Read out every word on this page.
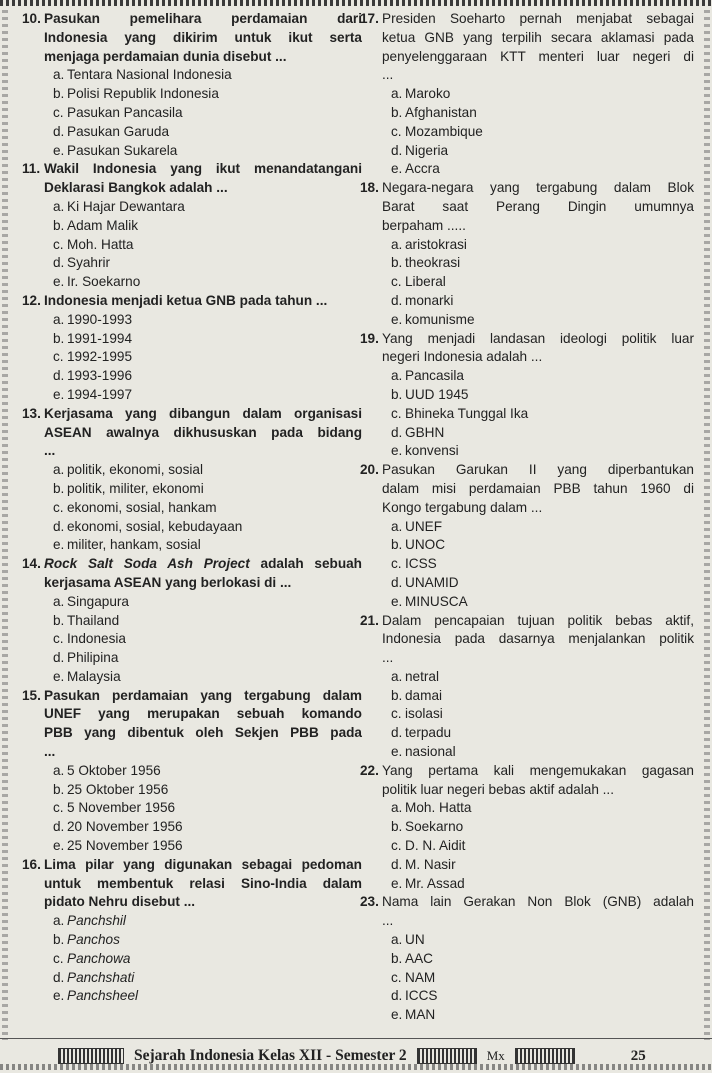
10. Pasukan pemelihara perdamaian dari
Indonesia yang dikirim untuk ikut serta
menjaga perdamaian dunia disebut ...
a. Tentara Nasional Indonesia
b. Polisi Republik Indonesia
c. Pasukan Pancasila
d. Pasukan Garuda
e. Pasukan Sukarela
11. Wakil Indonesia yang ikut menandatangani
Deklarasi Bangkok adalah ...
a. Ki Hajar Dewantara
b. Adam Malik
c. Moh. Hatta
d. Syahrir
e. Ir. Soekarno
12. Indonesia menjadi ketua GNB pada tahun ...
a. 1990-1993
b. 1991-1994
c. 1992-1995
d. 1993-1996
e. 1994-1997
13. Kerjasama yang dibangun dalam organisasi
ASEAN awalnya dikhususkan pada bidang
...
a. politik, ekonomi, sosial
b. politik, militer, ekonomi
c. ekonomi, sosial, hankam
d. ekonomi, sosial, kebudayaan
e. militer, hankam, sosial
14. Rock Salt Soda Ash Project adalah sebuah
kerjasama ASEAN yang berlokasi di ...
a. Singapura
b. Thailand
c. Indonesia
d. Philipina
e. Malaysia
15. Pasukan perdamaian yang tergabung dalam
UNEF yang merupakan sebuah komando
PBB yang dibentuk oleh Sekjen PBB pada
...
a. 5 Oktober 1956
b. 25 Oktober 1956
c. 5 November 1956
d. 20 November 1956
e. 25 November 1956
16. Lima pilar yang digunakan sebagai pedoman
untuk membentuk relasi Sino-India dalam
pidato Nehru disebut ...
a. Panchshil
b. Panchos
c. Panchowa
d. Panchshati
e. Panchsheel
17. Presiden Soeharto pernah menjabat sebagai
ketua GNB yang terpilih secara aklamasi pada
penyelenggaraan KTT menteri luar negeri di
...
a. Maroko
b. Afghanistan
c. Mozambique
d. Nigeria
e. Accra
18. Negara-negara yang tergabung dalam Blok
Barat saat Perang Dingin umumnya
berpaham .....
a. aristokrasi
b. theokrasi
c. Liberal
d. monarki
e. komunisme
19. Yang menjadi landasan ideologi politik luar
negeri Indonesia adalah ...
a. Pancasila
b. UUD 1945
c. Bhineka Tunggal Ika
d. GBHN
e. konvensi
20. Pasukan Garukan II yang diperbantukan
dalam misi perdamaian PBB tahun 1960 di
Kongo tergabung dalam ...
a. UNEF
b. UNOC
c. ICSS
d. UNAMID
e. MINUSCA
21. Dalam pencapaian tujuan politik bebas aktif,
Indonesia pada dasarnya menjalankan politik
...
a. netral
b. damai
c. isolasi
d. terpadu
e. nasional
22. Yang pertama kali mengemukakan gagasan
politik luar negeri bebas aktif adalah ...
a. Moh. Hatta
b. Soekarno
c. D. N. Aidit
d. M. Nasir
e. Mr. Assad
23. Nama lain Gerakan Non Blok (GNB) adalah
...
a. UN
b. AAC
c. NAM
d. ICCS
e. MAN
Sejarah Indonesia Kelas XII - Semester 2	Mx	25
